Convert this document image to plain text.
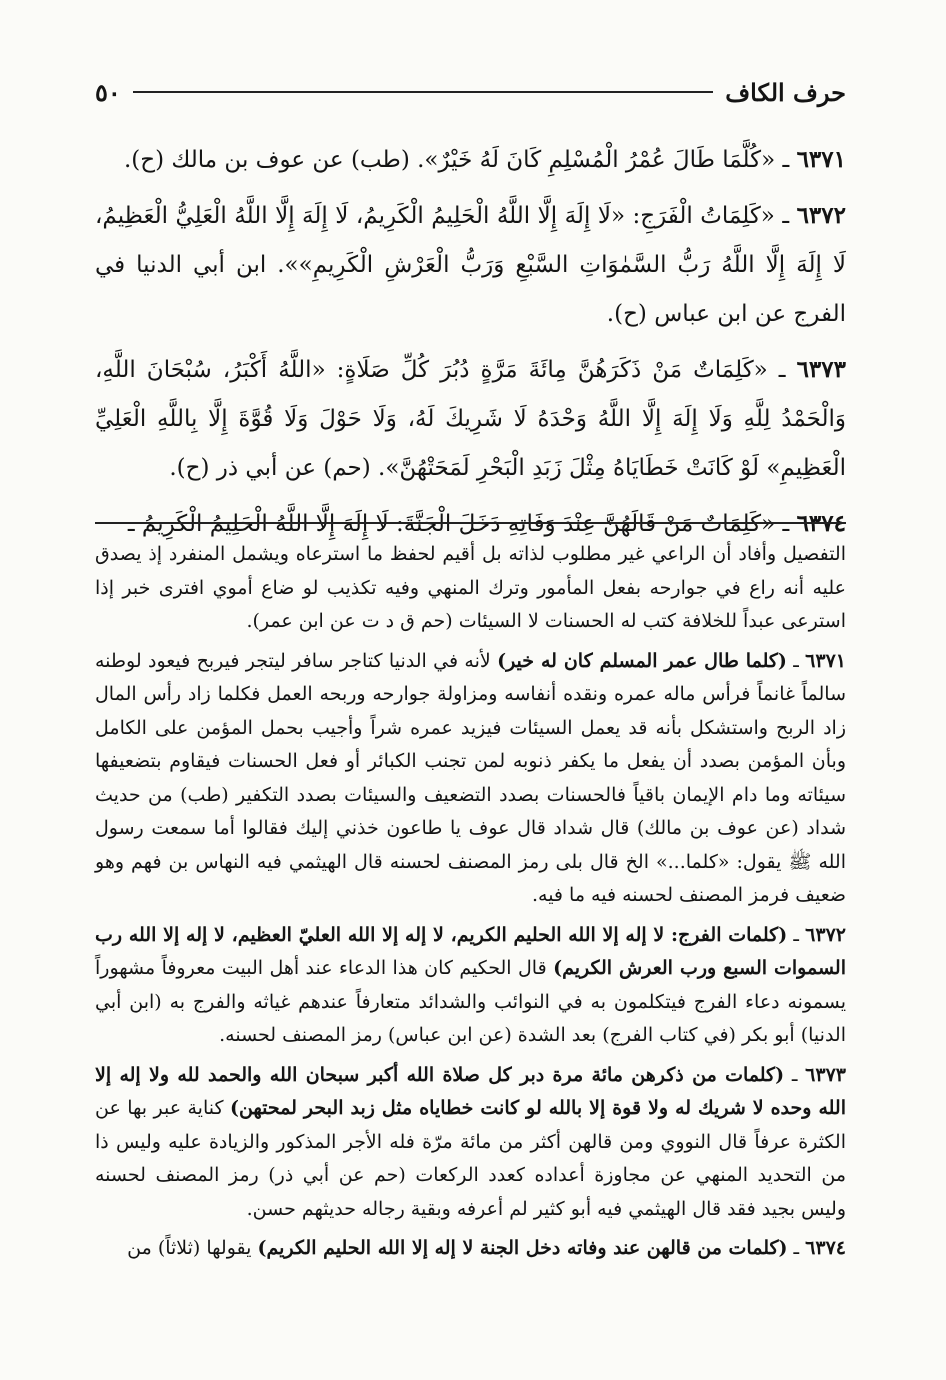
حرف الكاف
٥٠

٦٣٧١ ـ «كُلَّمَا طَالَ عُمْرُ الْمُسْلِمِ كَانَ لَهُ خَيْرٌ». (طب) عن عوف بن مالك (ح).

٦٣٧٢ ـ «كَلِمَاتُ الْفَرَجِ: «لَا إِلَهَ إِلَّا اللَّهُ الْحَلِيمُ الْكَرِيمُ، لَا إِلَهَ إِلَّا اللَّهُ الْعَلِيُّ الْعَظِيمُ، لَا إِلَهَ إِلَّا اللَّهُ رَبُّ السَّمٰوَاتِ السَّبْعِ وَرَبُّ الْعَرْشِ الْكَرِيمِ»». ابن أبي الدنيا في الفرج عن ابن عباس (ح).

٦٣٧٣ ـ «كَلِمَاتٌ مَنْ ذَكَرَهُنَّ مِائَةَ مَرَّةٍ دُبُرَ كُلِّ صَلَاةٍ: «اللَّهُ أَكْبَرُ، سُبْحَانَ اللَّهِ، وَالْحَمْدُ لِلَّهِ وَلَا إِلَهَ إِلَّا اللَّهُ وَحْدَهُ لَا شَرِيكَ لَهُ، وَلَا حَوْلَ وَلَا قُوَّةَ إِلَّا بِاللَّهِ الْعَلِيِّ الْعَظِيمِ» لَوْ كَانَتْ خَطَايَاهُ مِثْلَ زَبَدِ الْبَحْرِ لَمَحَتْهُنَّ». (حم) عن أبي ذر (ح).

٦٣٧٤ ـ «كَلِمَاتٌ مَنْ قَالَهُنَّ عِنْدَ وَفَاتِهِ دَخَلَ الْجَنَّةَ: لَا إِلَهَ إِلَّا اللَّهُ الْحَلِيمُ الْكَرِيمُ ـ

التفصيل وأفاد أن الراعي غير مطلوب لذاته بل أقيم لحفظ ما استرعاه ويشمل المنفرد إذ يصدق عليه أنه راع في جوارحه بفعل المأمور وترك المنهي وفيه تكذيب لو ضاع أموي افترى خبر إذا استرعى عبداً للخلافة كتب له الحسنات لا السيئات (حم ق د ت عن ابن عمر).

٦٣٧١ ـ (كلما طال عمر المسلم كان له خير) لأنه في الدنيا كتاجر سافر ليتجر فيربح فيعود لوطنه سالماً غانماً فرأس ماله عمره ونقده أنفاسه ومزاولة جوارحه وربحه العمل فكلما زاد رأس المال زاد الربح واستشكل بأنه قد يعمل السيئات فيزيد عمره شراً وأجيب بحمل المؤمن على الكامل وبأن المؤمن بصدد أن يفعل ما يكفر ذنوبه لمن تجنب الكبائر أو فعل الحسنات فيقاوم بتضعيفها سيئاته وما دام الإيمان باقياً فالحسنات بصدد التضعيف والسيئات بصدد التكفير (طب) من حديث شداد (عن عوف بن مالك) قال شداد قال عوف يا طاعون خذني إليك فقالوا أما سمعت رسول الله ﷺ يقول: «كلما...» الخ قال بلى رمز المصنف لحسنه قال الهيثمي فيه النهاس بن فهم وهو ضعيف فرمز المصنف لحسنه فيه ما فيه.

٦٣٧٢ ـ (كلمات الفرج: لا إله إلا الله الحليم الكريم، لا إله إلا الله العليّ العظيم، لا إله إلا الله رب السموات السبع ورب العرش الكريم) قال الحكيم كان هذا الدعاء عند أهل البيت معروفاً مشهوراً يسمونه دعاء الفرج فيتكلمون به في النوائب والشدائد متعارفاً عندهم غياثه والفرج به (ابن أبي الدنيا) أبو بكر (في كتاب الفرج) بعد الشدة (عن ابن عباس) رمز المصنف لحسنه.

٦٣٧٣ ـ (كلمات من ذكرهن مائة مرة دبر كل صلاة الله أكبر سبحان الله والحمد لله ولا إله إلا الله وحده لا شريك له ولا قوة إلا بالله لو كانت خطاياه مثل زبد البحر لمحتهن) كناية عبر بها عن الكثرة عرفاً قال النووي ومن قالهن أكثر من مائة مرّة فله الأجر المذكور والزيادة عليه وليس ذا من التحديد المنهي عن مجاوزة أعداده كعدد الركعات (حم عن أبي ذر) رمز المصنف لحسنه وليس بجيد فقد قال الهيثمي فيه أبو كثير لم أعرفه وبقية رجاله حديثهم حسن.

٦٣٧٤ ـ (كلمات من قالهن عند وفاته دخل الجنة لا إله إلا الله الحليم الكريم) يقولها (ثلاثاً) من
